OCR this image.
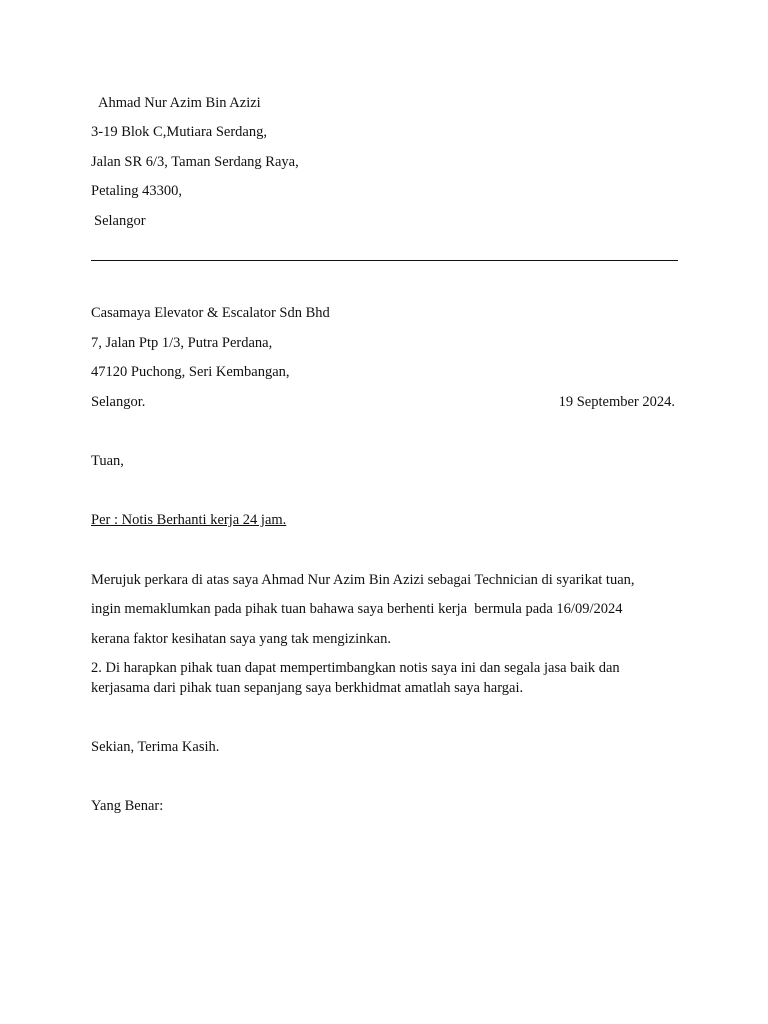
Ahmad Nur Azim Bin Azizi
3-19 Blok C,Mutiara Serdang,
Jalan SR 6/3, Taman Serdang Raya,
Petaling 43300,
Selangor
Casamaya Elevator & Escalator Sdn Bhd
7, Jalan Ptp 1/3, Putra Perdana,
47120 Puchong, Seri Kembangan,
Selangor.	19 September 2024.
Tuan,
Per : Notis Berhanti kerja 24 jam.
Merujuk perkara di atas saya Ahmad Nur Azim Bin Azizi sebagai Technician di syarikat tuan,
ingin memaklumkan pada pihak tuan bahawa saya berhenti kerja  bermula pada 16/09/2024
kerana faktor kesihatan saya yang tak mengizinkan.
2. Di harapkan pihak tuan dapat mempertimbangkan notis saya ini dan segala jasa baik dan
kerjasama dari pihak tuan sepanjang saya berkhidmat amatlah saya hargai.
Sekian, Terima Kasih.
Yang Benar:
